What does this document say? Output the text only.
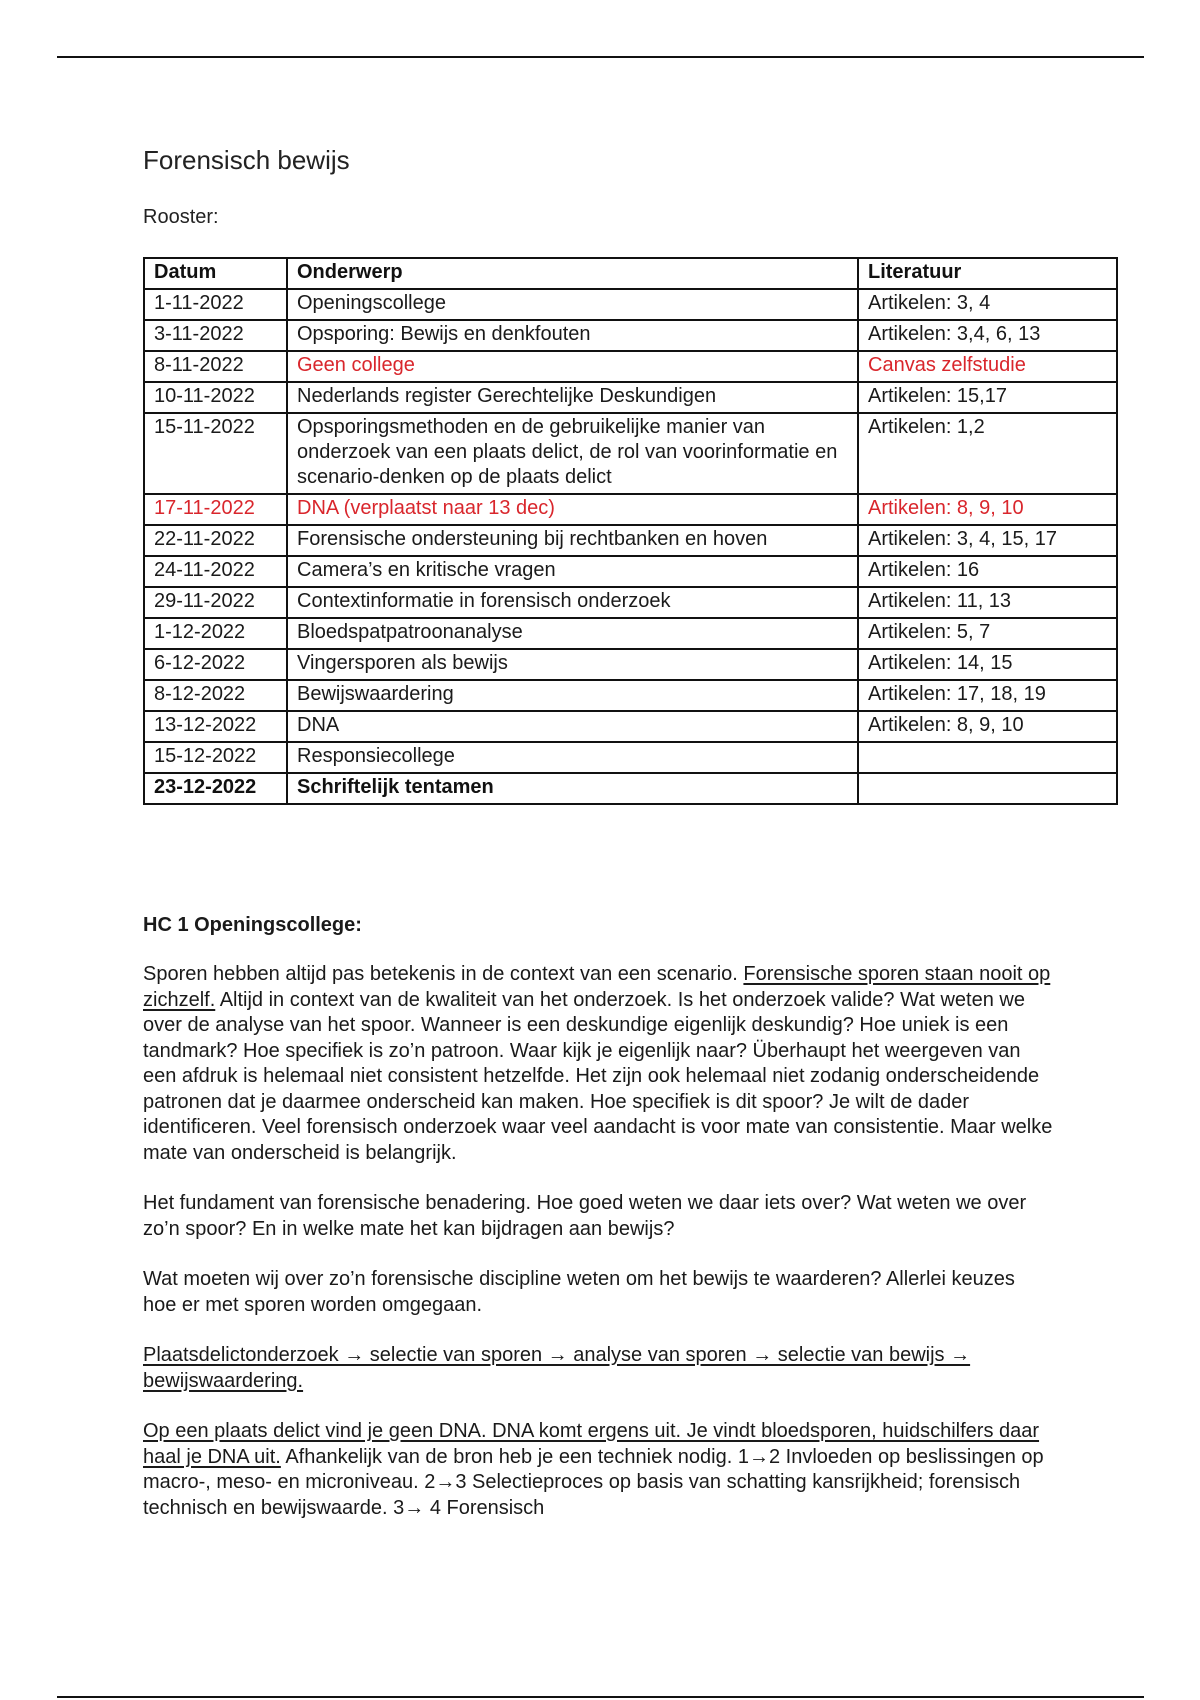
Forensisch bewijs
Rooster:
Datum	Onderwerp	Literatuur
1-11-2022	Openingscollege	Artikelen: 3, 4
3-11-2022	Opsporing: Bewijs en denkfouten	Artikelen: 3,4, 6, 13
8-11-2022	Geen college	Canvas zelfstudie
10-11-2022	Nederlands register Gerechtelijke Deskundigen	Artikelen: 15,17
15-11-2022	Opsporingsmethoden en de gebruikelijke manier van onderzoek van een plaats delict, de rol van voorinformatie en scenario-denken op de plaats delict	Artikelen: 1,2
17-11-2022	DNA (verplaatst naar 13 dec)	Artikelen: 8, 9, 10
22-11-2022	Forensische ondersteuning bij rechtbanken en hoven	Artikelen: 3, 4, 15, 17
24-11-2022	Camera’s en kritische vragen	Artikelen: 16
29-11-2022	Contextinformatie in forensisch onderzoek	Artikelen: 11, 13
1-12-2022	Bloedspatpatroonanalyse	Artikelen: 5, 7
6-12-2022	Vingersporen als bewijs	Artikelen: 14, 15
8-12-2022	Bewijswaardering	Artikelen: 17, 18, 19
13-12-2022	DNA	Artikelen: 8, 9, 10
15-12-2022	Responsiecollege	
23-12-2022	Schriftelijk tentamen	
HC 1 Openingscollege:

Sporen hebben altijd pas betekenis in de context van een scenario. Forensische sporen staan nooit op zichzelf. Altijd in context van de kwaliteit van het onderzoek. Is het onderzoek valide? Wat weten we over de analyse van het spoor. Wanneer is een deskundige eigenlijk deskundig? Hoe uniek is een tandmark? Hoe specifiek is zo’n patroon. Waar kijk je eigenlijk naar? Überhaupt het weergeven van een afdruk is helemaal niet consistent hetzelfde. Het zijn ook helemaal niet zodanig onderscheidende patronen dat je daarmee onderscheid kan maken. Hoe specifiek is dit spoor? Je wilt de dader identificeren. Veel forensisch onderzoek waar veel aandacht is voor mate van consistentie. Maar welke mate van onderscheid is belangrijk.

Het fundament van forensische benadering. Hoe goed weten we daar iets over? Wat weten we over zo’n spoor? En in welke mate het kan bijdragen aan bewijs?

Wat moeten wij over zo’n forensische discipline weten om het bewijs te waarderen? Allerlei keuzes hoe er met sporen worden omgegaan.

Plaatsdelictonderzoek → selectie van sporen → analyse van sporen → selectie van bewijs → bewijswaardering.

Op een plaats delict vind je geen DNA. DNA komt ergens uit. Je vindt bloedsporen, huidschilfers daar haal je DNA uit. Afhankelijk van de bron heb je een techniek nodig. 1→2 Invloeden op beslissingen op macro-, meso- en microniveau. 2→3 Selectieproces op basis van schatting kansrijkheid; forensisch technisch en bewijswaarde. 3→ 4 Forensisch
